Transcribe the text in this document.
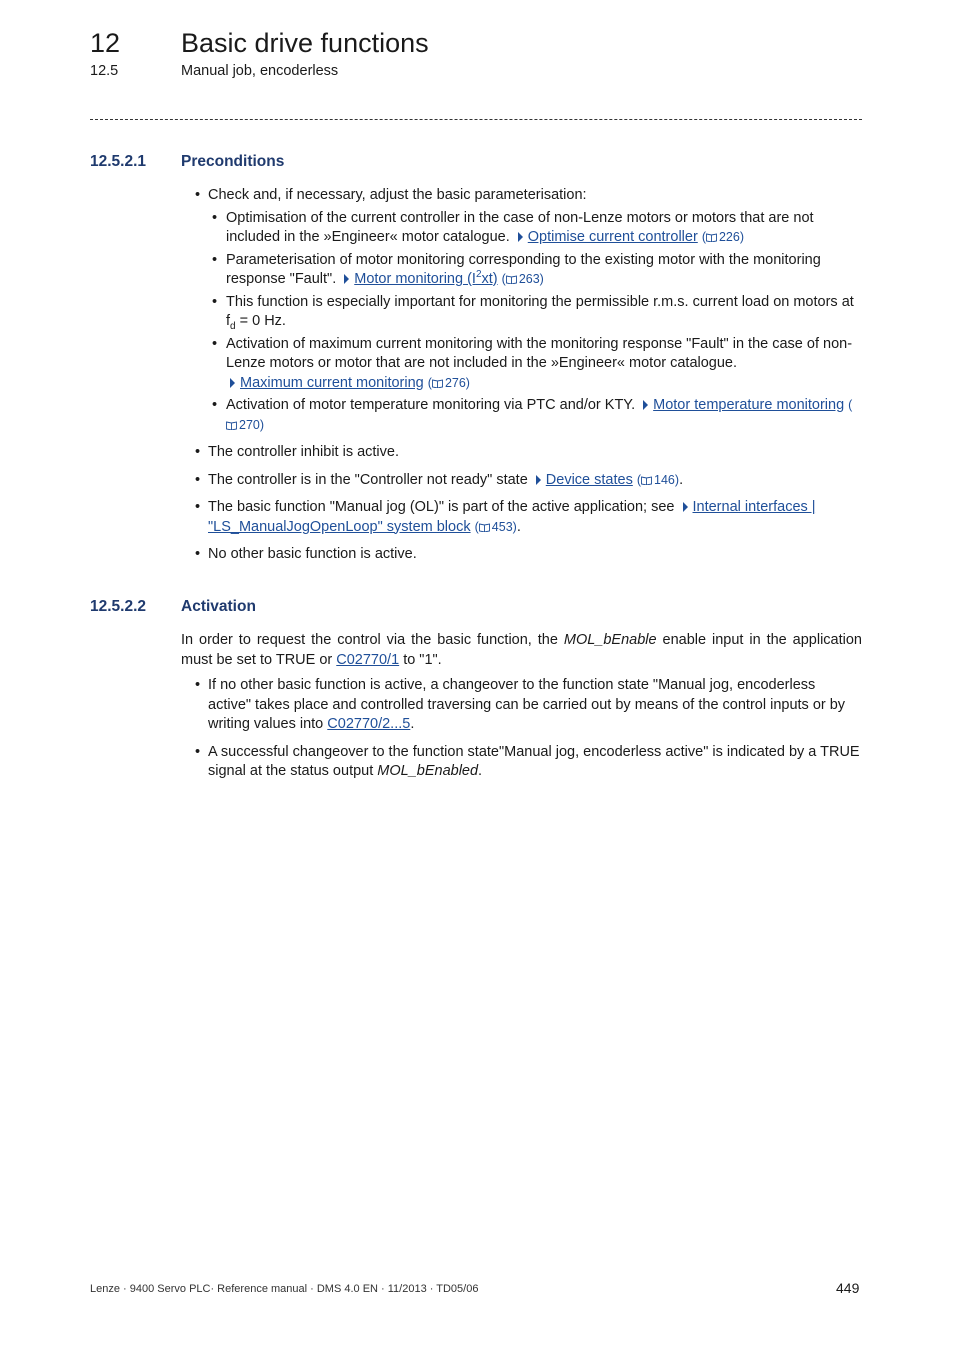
12 Basic drive functions
12.5	Manual job, encoderless
12.5.2.1 Preconditions
• Check and, if necessary, adjust the basic parameterisation:
• Optimisation of the current controller in the case of non-Lenze motors or motors that are not included in the »Engineer« motor catalogue. Optimise current controller ( 226)
• Parameterisation of motor monitoring corresponding to the existing motor with the monitoring response "Fault". Motor monitoring $(I^2xt)$ ( 263)
• This function is especially important for monitoring the permissible r.m.s. current load on motors at $f_d = 0$ Hz.
• Activation of maximum current monitoring with the monitoring response "Fault" in the case of non-Lenze motors or motor that are not included in the »Engineer« motor catalogue.
Maximum current monitoring ( 276)
• Activation of motor temperature monitoring via PTC and/or KTY. Motor temperature monitoring (270)
• The controller inhibit is active.
• The controller is in the "Controller not ready" state Device states ( 146).
• The basic function "Manual jog (OL)" is part of the active application; see Internal interfaces | "LS_ManualJogOpenLoop" system block ( 453).
• No other basic function is active.
12.5.2.2 Activation

In order to request the control via the basic function, the MOL_bEnable enable input in the application must be set to TRUE or C02770/1 to "1".

• If no other basic function is active, a changeover to the function state "Manual jog, encoderless active" takes place and controlled traversing can be carried out by means of the control inputs or by writing values into C02770/2...5.
• A successful changeover to the function state"Manual jog, encoderless active" is indicated by a TRUE signal at the status output MOL_bEnabled.
Lenze · 9400 Servo PLC· Reference manual · DMS 4.0 EN · 11/2013 · TD05/06	449
